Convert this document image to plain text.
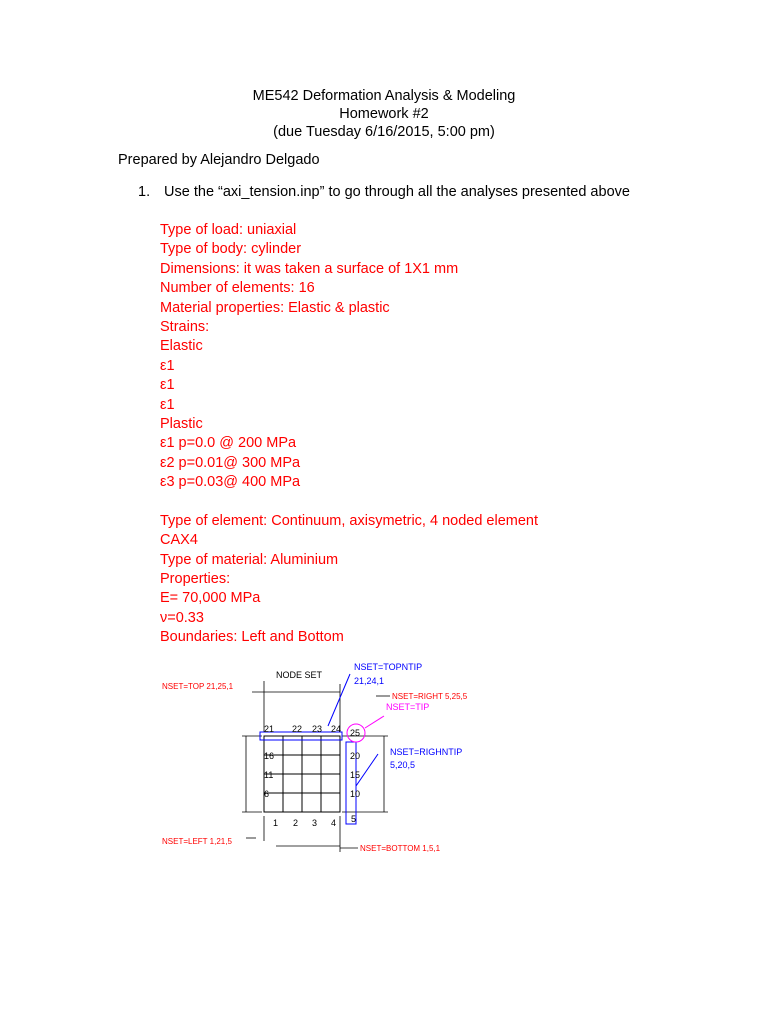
ME542 Deformation Analysis & Modeling
Homework #2
(due Tuesday 6/16/2015, 5:00 pm)
Prepared by Alejandro Delgado
1. Use the “axi_tension.inp” to go through all the analyses presented above
Type of load: uniaxial
Type of body: cylinder
Dimensions: it was taken a surface of 1X1 mm
Number of elements: 16
Material properties: Elastic & plastic
Strains:
Elastic
ε1
ε1
ε1
Plastic
ε1 p=0.0 @ 200 MPa
ε2 p=0.01@ 300 MPa
ε3 p=0.03@ 400 MPa
Type of element: Continuum, axisymetric, 4 noded element
CAX4
Type of material: Aluminium
Properties:
E= 70,000 MPa
ν=0.33
Boundaries: Left and Bottom
NODE SET
21 22 23 24 25
16	20
11	15
6	10
1 2 3 4 5
NSET=TOP 21,25,1
NSET=RIGHT 5,25,5
NSET=LEFT 1,21,5
NSET=BOTTOM 1,5,1
NSET=TOPNTIP
21,24,1
NSET=RIGHNTIP
5,20,5
NSET=TIP
